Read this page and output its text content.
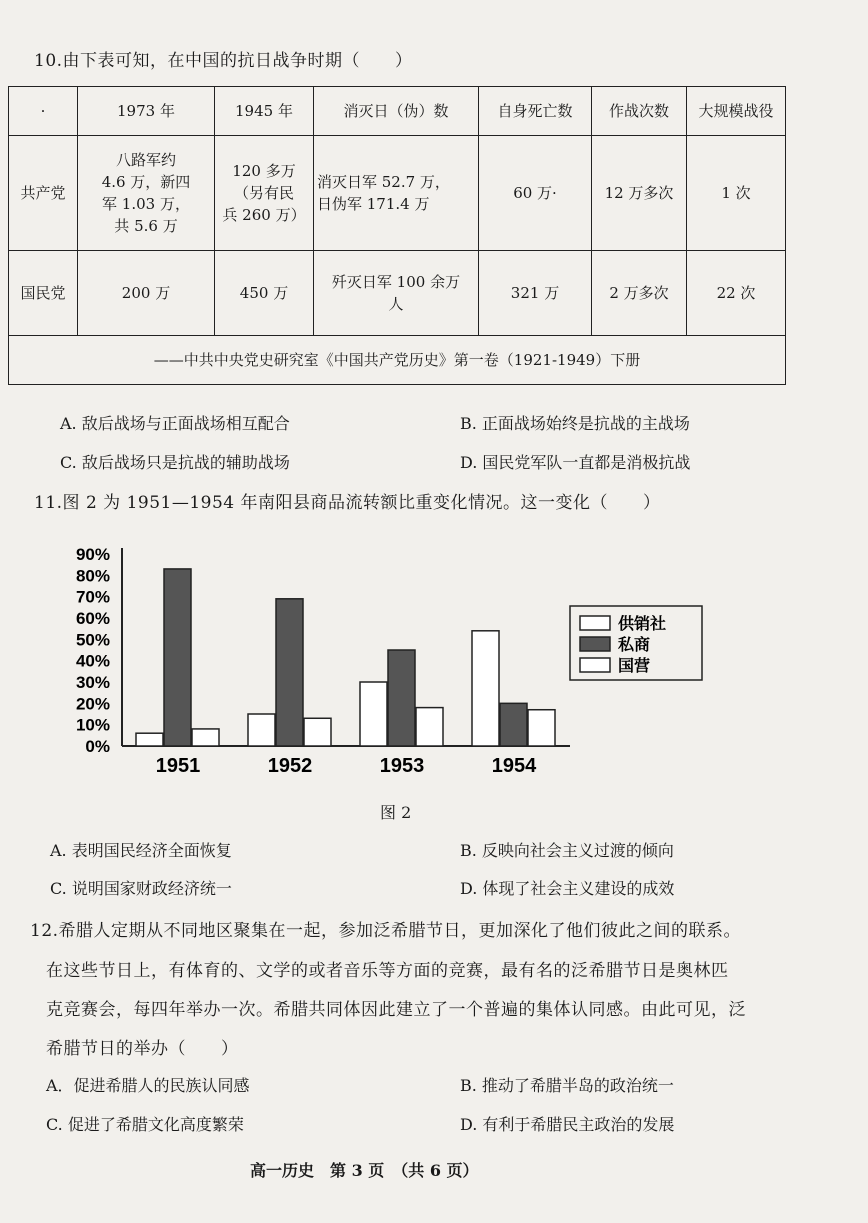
10.由下表可知，在中国的抗日战争时期（　　）
·	1973 年	1945 年	消灭日（伪）数	自身死亡数	作战次数	大规模战役
共产党	八路军约
4.6 万，新四
军 1.03 万，
共 5.6 万	120 多万
（另有民
兵 260 万）	消灭日军 52.7 万，
日伪军 171.4 万	60 万·	12 万多次	1 次
国民党	200 万	450 万	歼灭日军 100 余万
人	321 万	2 万多次	22 次
——中共中央党史研究室《中国共产党历史》第一卷（1921-1949）下册						
A. 敌后战场与正面战场相互配合	B. 正面战场始终是抗战的主战场
C. 敌后战场只是抗战的辅助战场	D. 国民党军队一直都是消极抗战
11.图 2 为 1951—1954 年南阳县商品流转额比重变化情况。这一变化（　　）
0%
10%
20%
30%
40%
50%
60%
70%
80%
90%
1951	1952	1953	1954
供销社
私商
国营
图 2
A. 表明国民经济全面恢复	B. 反映向社会主义过渡的倾向
C. 说明国家财政经济统一	D. 体现了社会主义建设的成效
12.希腊人定期从不同地区聚集在一起，参加泛希腊节日，更加深化了他们彼此之间的联系。
在这些节日上，有体育的、文学的或者音乐等方面的竞赛，最有名的泛希腊节日是奥林匹
克竞赛会，每四年举办一次。希腊共同体因此建立了一个普遍的集体认同感。由此可见，泛
希腊节日的举办（　　）
A．促进希腊人的民族认同感	B. 推动了希腊半岛的政治统一
C. 促进了希腊文化高度繁荣	D. 有利于希腊民主政治的发展
高一历史　第 3 页　（共 6 页）
